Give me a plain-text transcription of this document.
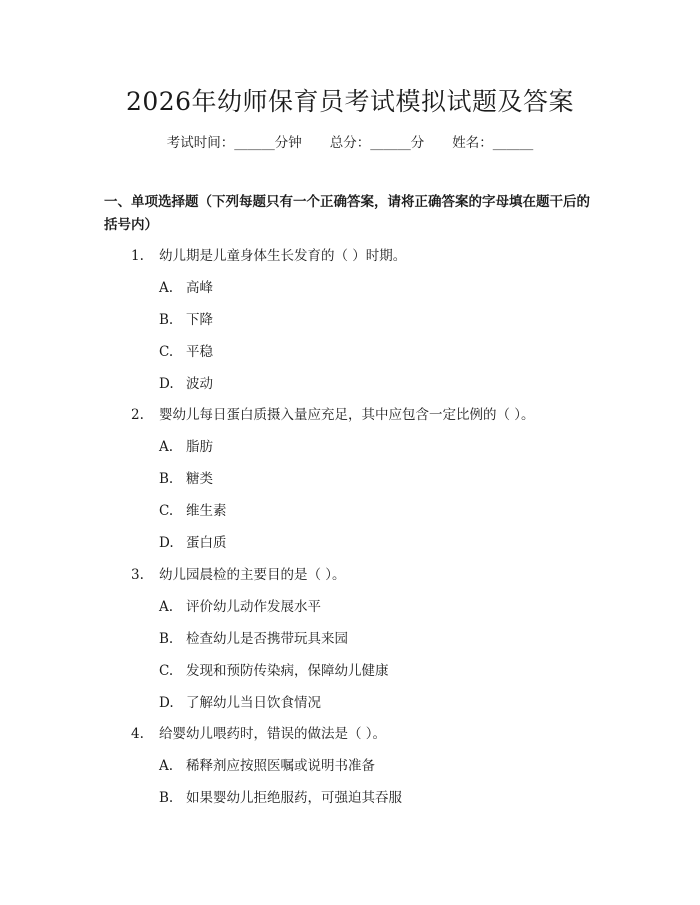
2026年幼师保育员考试模拟试题及答案
考试时间：______分钟 总分：______分 姓名：______
一、单项选择题（下列每题只有一个正确答案，请将正确答案的字母填在题干后的括号内）
1. 幼儿期是儿童身体生长发育的（ ）时期。
A. 高峰
B. 下降
C. 平稳
D. 波动
2. 婴幼儿每日蛋白质摄入量应充足，其中应包含一定比例的（ ）。
A. 脂肪
B. 糖类
C. 维生素
D. 蛋白质
3. 幼儿园晨检的主要目的是（ ）。
A. 评价幼儿动作发展水平
B. 检查幼儿是否携带玩具来园
C. 发现和预防传染病，保障幼儿健康
D. 了解幼儿当日饮食情况
4. 给婴幼儿喂药时，错误的做法是（ ）。
A. 稀释剂应按照医嘱或说明书准备
B. 如果婴幼儿拒绝服药，可强迫其吞服
